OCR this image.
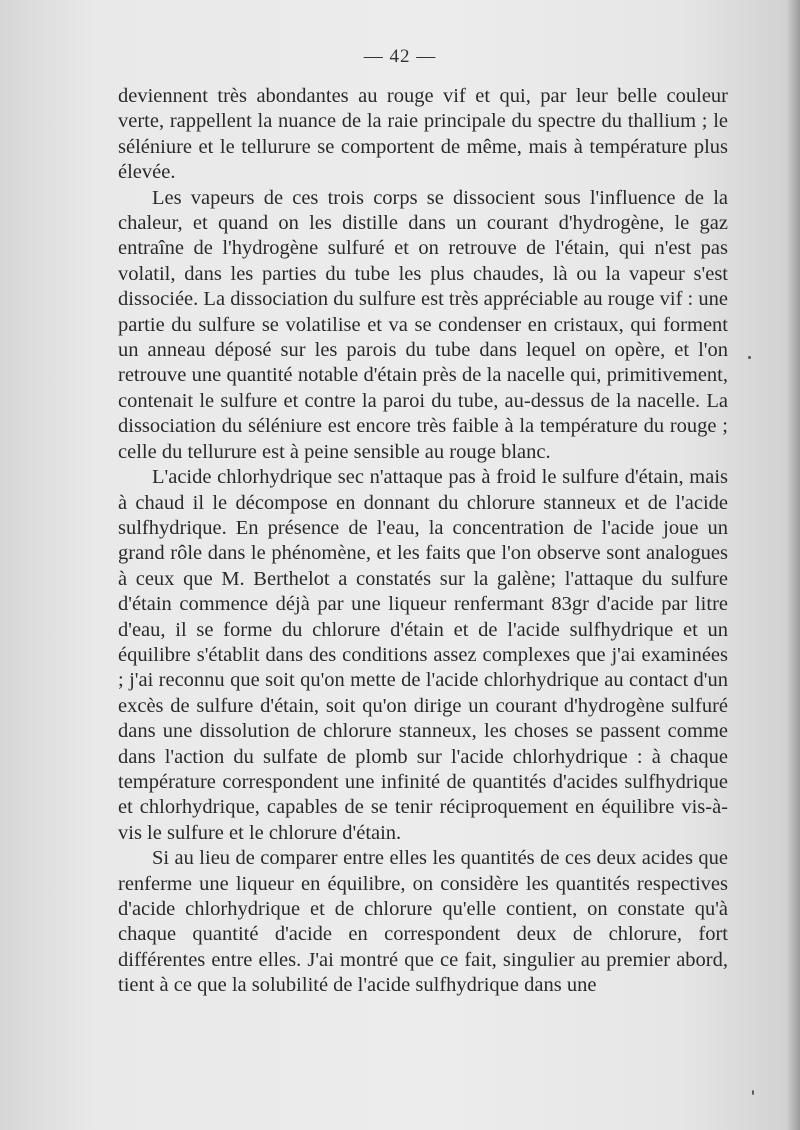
— 42 —

deviennent très abondantes au rouge vif et qui, par leur belle couleur verte, rappellent la nuance de la raie principale du spectre du thallium ; le séléniure et le tellurure se comportent de même, mais à température plus élevée.

Les vapeurs de ces trois corps se dissocient sous l'influence de la chaleur, et quand on les distille dans un courant d'hydrogène, le gaz entraîne de l'hydrogène sulfuré et on retrouve de l'étain, qui n'est pas volatil, dans les parties du tube les plus chaudes, là ou la vapeur s'est dissociée. La dissociation du sulfure est très appréciable au rouge vif : une partie du sulfure se volatilise et va se condenser en cristaux, qui forment un anneau déposé sur les parois du tube dans lequel on opère, et l'on retrouve une quantité notable d'étain près de la nacelle qui, primitivement, contenait le sulfure et contre la paroi du tube, au-dessus de la nacelle. La dissociation du séléniure est encore très faible à la température du rouge ; celle du tellurure est à peine sensible au rouge blanc.

L'acide chlorhydrique sec n'attaque pas à froid le sulfure d'étain, mais à chaud il le décompose en donnant du chlorure stanneux et de l'acide sulfhydrique. En présence de l'eau, la concentration de l'acide joue un grand rôle dans le phénomène, et les faits que l'on observe sont analogues à ceux que M. Berthelot a constatés sur la galène; l'attaque du sulfure d'étain commence déjà par une liqueur renfermant 83gr d'acide par litre d'eau, il se forme du chlorure d'étain et de l'acide sulfhydrique et un équilibre s'établit dans des conditions assez complexes que j'ai examinées ; j'ai reconnu que soit qu'on mette de l'acide chlorhydrique au contact d'un excès de sulfure d'étain, soit qu'on dirige un courant d'hydrogène sulfuré dans une dissolution de chlorure stanneux, les choses se passent comme dans l'action du sulfate de plomb sur l'acide chlorhydrique : à chaque température correspondent une infinité de quantités d'acides sulfhydrique et chlorhydrique, capables de se tenir réciproquement en équilibre vis-à-vis le sulfure et le chlorure d'étain.

Si au lieu de comparer entre elles les quantités de ces deux acides que renferme une liqueur en équilibre, on considère les quantités respectives d'acide chlorhydrique et de chlorure qu'elle contient, on constate qu'à chaque quantité d'acide en correspondent deux de chlorure, fort différentes entre elles. J'ai montré que ce fait, singulier au premier abord, tient à ce que la solubilité de l'acide sulfhydrique dans une
